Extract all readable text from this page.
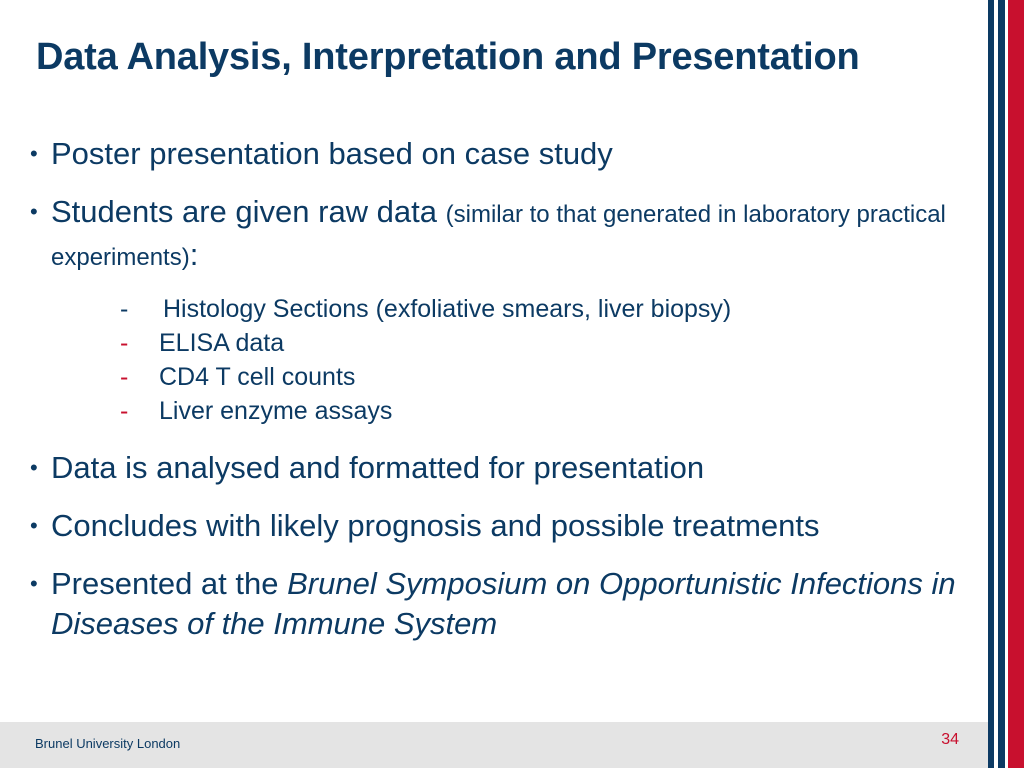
Data Analysis, Interpretation and Presentation
• Poster presentation based on case study
• Students are given raw data (similar to that generated in laboratory practical experiments):
- Histology Sections (exfoliative smears, liver biopsy)
- ELISA data
- CD4 T cell counts
- Liver enzyme assays
• Data is analysed and formatted for presentation
• Concludes with likely prognosis and possible treatments
• Presented at the Brunel Symposium on Opportunistic Infections in Diseases of the Immune System
Brunel University London	34
